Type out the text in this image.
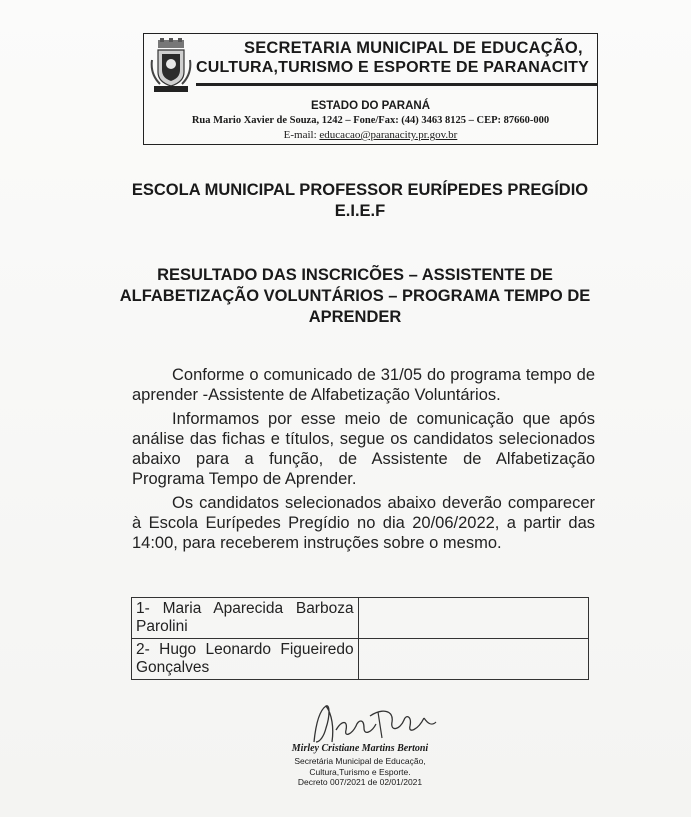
SECRETARIA MUNICIPAL DE EDUCAÇÃO,
CULTURA,TURISMO E ESPORTE DE PARANACITY
ESTADO DO PARANÁ
Rua Mario Xavier de Souza, 1242 – Fone/Fax: (44) 3463 8125 – CEP: 87660-000
E-mail: educacao@paranacity.pr.gov.br
ESCOLA MUNICIPAL PROFESSOR EURÍPEDES PREGÍDIO
E.I.E.F
RESULTADO DAS INSCRICÕES – ASSISTENTE DE
ALFABETIZAÇÃO VOLUNTÁRIOS – PROGRAMA TEMPO DE
APRENDER

Conforme o comunicado de 31/05 do programa tempo de aprender -Assistente de Alfabetização Voluntários.

Informamos por esse meio de comunicação que após análise das fichas e títulos, segue os candidatos selecionados abaixo para a função, de Assistente de Alfabetização Programa Tempo de Aprender.

Os candidatos selecionados abaixo deverão comparecer à Escola Eurípedes Pregídio no dia 20/06/2022, a partir das 14:00, para receberem instruções sobre o mesmo.

1- Maria Aparecida Barboza Parolini	
2- Hugo Leonardo Figueiredo Gonçalves	
Mirley Cristiane Martins Bertoni
Secretária Municipal de Educação,
Cultura,Turismo e Esporte.
Decreto 007/2021 de 02/01/2021
